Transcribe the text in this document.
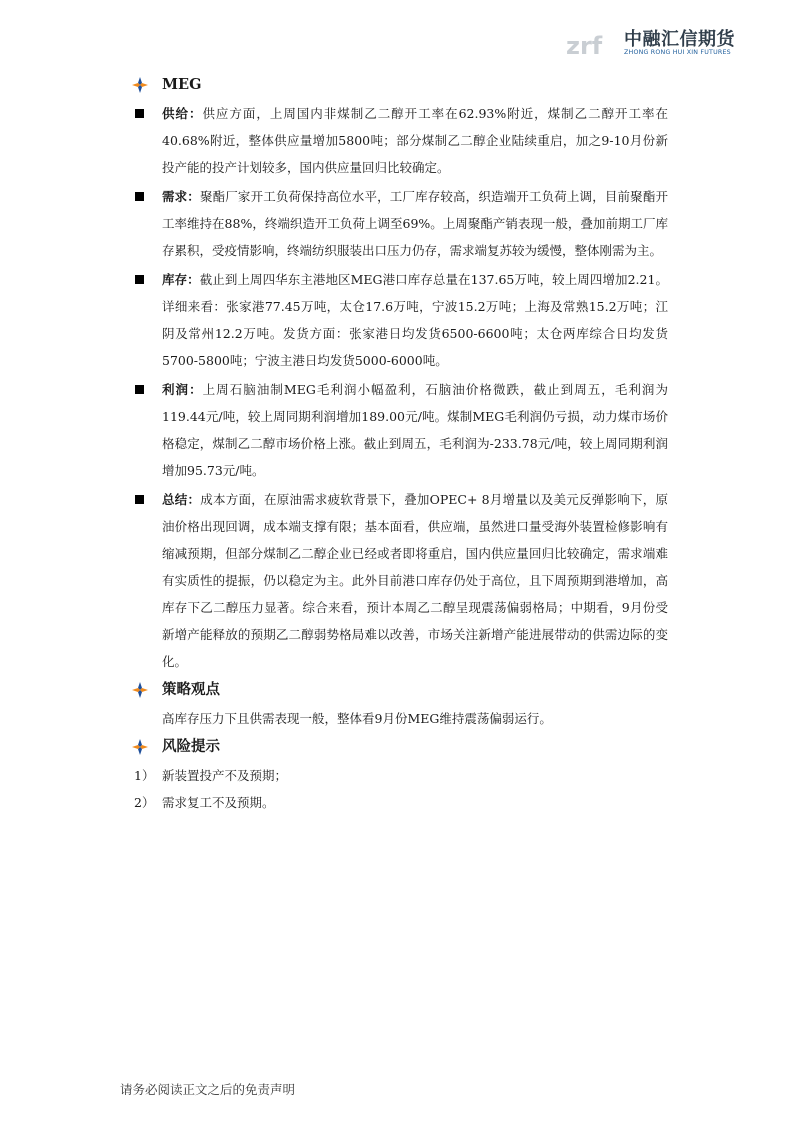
zrf 中融汇信期货
ZHONG RONG HUI XIN FUTURES
MEG
供给：供应方面，上周国内非煤制乙二醇开工率在62.93%附近，煤制乙二醇开工率在40.68%附近，整体供应量增加5800吨；部分煤制乙二醇企业陆续重启，加之9-10月份新投产能的投产计划较多，国内供应量回归比较确定。
需求：聚酯厂家开工负荷保持高位水平，工厂库存较高，织造端开工负荷上调，目前聚酯开工率维持在88%，终端织造开工负荷上调至69%。上周聚酯产销表现一般，叠加前期工厂库存累积，受疫情影响，终端纺织服装出口压力仍存，需求端复苏较为缓慢，整体刚需为主。
库存：截止到上周四华东主港地区MEG港口库存总量在137.65万吨，较上周四增加2.21。详细来看：张家港77.45万吨，太仓17.6万吨，宁波15.2万吨；上海及常熟15.2万吨；江阴及常州12.2万吨。发货方面：张家港日均发货6500-6600吨；太仓两库综合日均发货5700-5800吨；宁波主港日均发货5000-6000吨。
利润：上周石脑油制MEG毛利润小幅盈利，石脑油价格微跌，截止到周五，毛利润为119.44元/吨，较上周同期利润增加189.00元/吨。煤制MEG毛利润仍亏损，动力煤市场价格稳定，煤制乙二醇市场价格上涨。截止到周五，毛利润为-233.78元/吨，较上周同期利润增加95.73元/吨。
总结：成本方面，在原油需求疲软背景下，叠加OPEC+ 8月增量以及美元反弹影响下，原油价格出现回调，成本端支撑有限；基本面看，供应端，虽然进口量受海外装置检修影响有缩减预期，但部分煤制乙二醇企业已经或者即将重启，国内供应量回归比较确定，需求端难有实质性的提振，仍以稳定为主。此外目前港口库存仍处于高位，且下周预期到港增加，高库存下乙二醇压力显著。综合来看，预计本周乙二醇呈现震荡偏弱格局；中期看，9月份受新增产能释放的预期乙二醇弱势格局难以改善，市场关注新增产能进展带动的供需边际的变化。
策略观点
高库存压力下且供需表现一般，整体看9月份MEG维持震荡偏弱运行。
风险提示
1） 新装置投产不及预期；
2） 需求复工不及预期。
请务必阅读正文之后的免责声明
